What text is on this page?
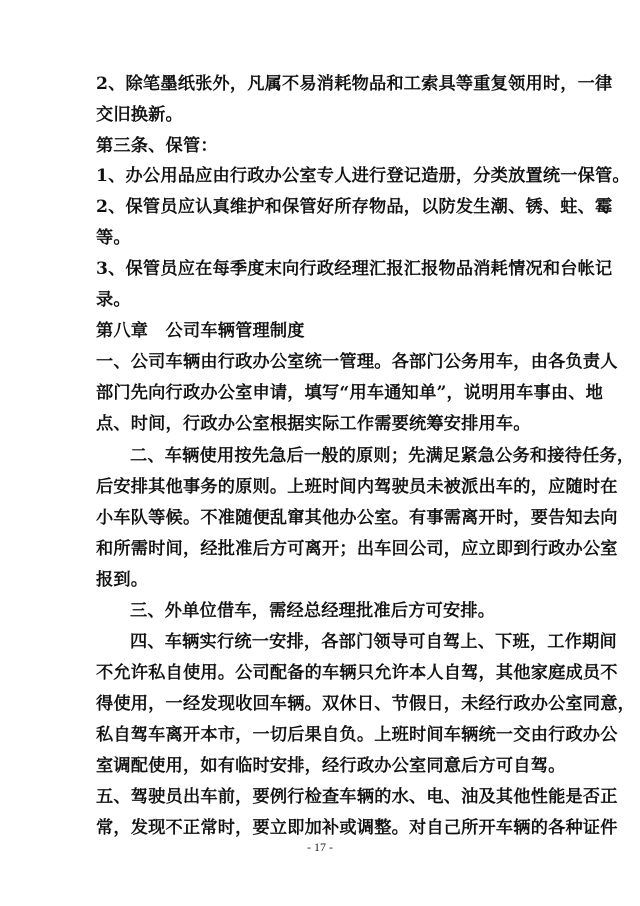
2、除笔墨纸张外，凡属不易消耗物品和工索具等重复领用时，一律
交旧换新。
第三条、保管：
1、办公用品应由行政办公室专人进行登记造册，分类放置统一保管。
2、保管员应认真维护和保管好所存物品，以防发生潮、锈、蛀、霉
等。
3、保管员应在每季度末向行政经理汇报汇报物品消耗情况和台帐记
录。
第八章　公司车辆管理制度
一、公司车辆由行政办公室统一管理。各部门公务用车，由各负责人
部门先向行政办公室申请，填写“用车通知单”，说明用车事由、地
点、时间，行政办公室根据实际工作需要统筹安排用车。
二、车辆使用按先急后一般的原则；先满足紧急公务和接待任务，
后安排其他事务的原则。上班时间内驾驶员未被派出车的，应随时在
小车队等候。不准随便乱窜其他办公室。有事需离开时，要告知去向
和所需时间，经批准后方可离开；出车回公司，应立即到行政办公室
报到。
三、外单位借车，需经总经理批准后方可安排。
四、车辆实行统一安排，各部门领导可自驾上、下班，工作期间
不允许私自使用。公司配备的车辆只允许本人自驾，其他家庭成员不
得使用，一经发现收回车辆。双休日、节假日，未经行政办公室同意，
私自驾车离开本市，一切后果自负。上班时间车辆统一交由行政办公
室调配使用，如有临时安排，经行政办公室同意后方可自驾。
五、驾驶员出车前，要例行检查车辆的水、电、油及其他性能是否正
常，发现不正常时，要立即加补或调整。对自己所开车辆的各种证件
- 17 -
